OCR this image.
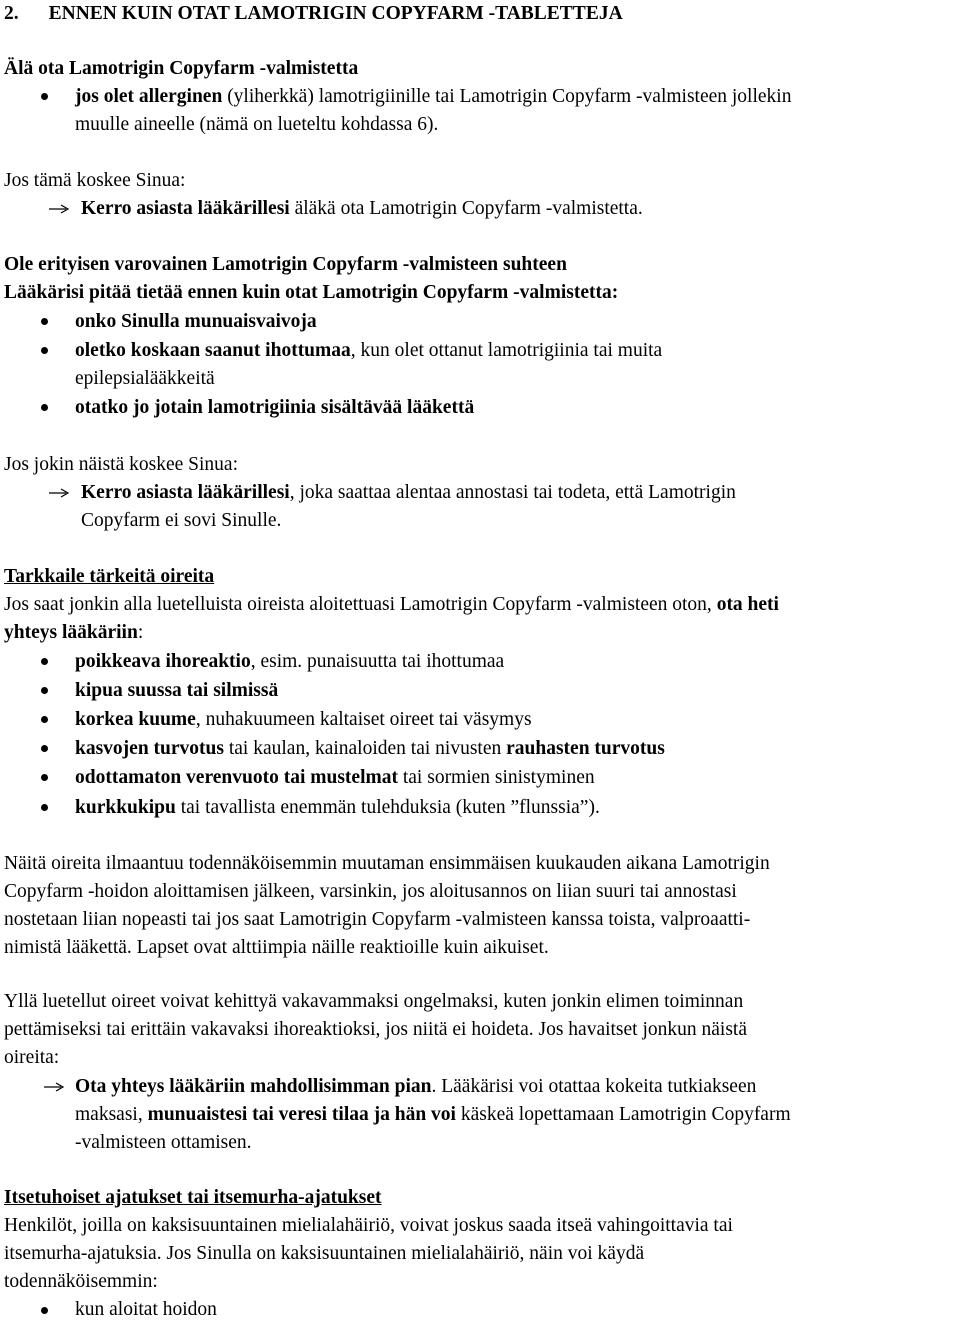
2. ENNEN KUIN OTAT LAMOTRIGIN COPYFARM -TABLETTEJA
Älä ota Lamotrigin Copyfarm -valmistetta
jos olet allerginen (yliherkkä) lamotrigiinille tai Lamotrigin Copyfarm -valmisteen jollekin
muulle aineelle (nämä on lueteltu kohdassa 6).
Jos tämä koskee Sinua:
Kerro asiasta lääkärillesi äläkä ota Lamotrigin Copyfarm -valmistetta.
Ole erityisen varovainen Lamotrigin Copyfarm -valmisteen suhteen
Lääkärisi pitää tietää ennen kuin otat Lamotrigin Copyfarm -valmistetta:
onko Sinulla munuaisvaivoja
oletko koskaan saanut ihottumaa, kun olet ottanut lamotrigiinia tai muita
epilepsialääkkeitä
otatko jo jotain lamotrigiinia sisältävää lääkettä
Jos jokin näistä koskee Sinua:
Kerro asiasta lääkärillesi, joka saattaa alentaa annostasi tai todeta, että Lamotrigin
Copyfarm ei sovi Sinulle.
Tarkkaile tärkeitä oireita
Jos saat jonkin alla luetelluista oireista aloitettuasi Lamotrigin Copyfarm -valmisteen oton, ota heti
yhteys lääkäriin:
poikkeava ihoreaktio, esim. punaisuutta tai ihottumaa
kipua suussa tai silmissä
korkea kuume, nuhakuumeen kaltaiset oireet tai väsymys
kasvojen turvotus tai kaulan, kainaloiden tai nivusten rauhasten turvotus
odottamaton verenvuoto tai mustelmat tai sormien sinistyminen
kurkkukipu tai tavallista enemmän tulehduksia (kuten ”flunssia”).
Näitä oireita ilmaantuu todennäköisemmin muutaman ensimmäisen kuukauden aikana Lamotrigin
Copyfarm -hoidon aloittamisen jälkeen, varsinkin, jos aloitusannos on liian suuri tai annostasi
nostetaan liian nopeasti tai jos saat Lamotrigin Copyfarm -valmisteen kanssa toista, valproaatti-
nimistä lääkettä. Lapset ovat alttiimpia näille reaktioille kuin aikuiset.
Yllä luetellut oireet voivat kehittyä vakavammaksi ongelmaksi, kuten jonkin elimen toiminnan
pettämiseksi tai erittäin vakavaksi ihoreaktioksi, jos niitä ei hoideta. Jos havaitset jonkun näistä
oireita:
Ota yhteys lääkäriin mahdollisimman pian. Lääkärisi voi otattaa kokeita tutkiakseen
maksasi, munuaistesi tai veresi tilaa ja hän voi käskeä lopettamaan Lamotrigin Copyfarm
-valmisteen ottamisen.
Itsetuhoiset ajatukset tai itsemurha-ajatukset
Henkilöt, joilla on kaksisuuntainen mielialahäiriö, voivat joskus saada itseä vahingoittavia tai
itsemurha-ajatuksia. Jos Sinulla on kaksisuuntainen mielialahäiriö, näin voi käydä
todennäköisemmin:
kun aloitat hoidon
